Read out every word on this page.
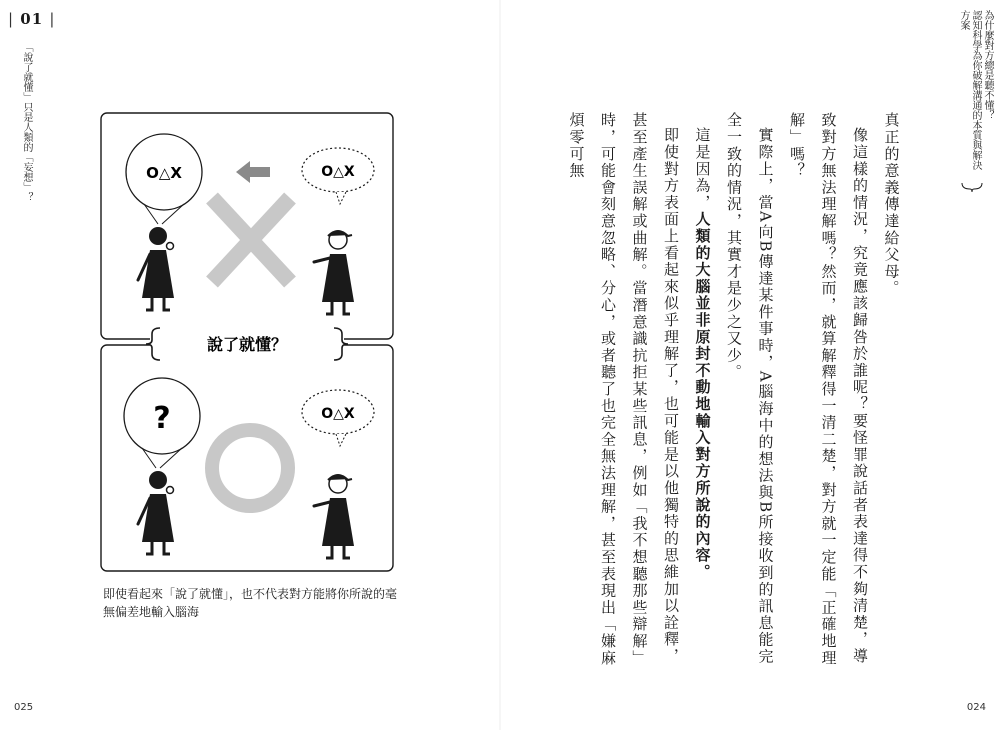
| 01 |
「說了就懂」只是人類的「妄想」？
說了就懂？
O△X	O△X
?	O△X
即使看起來「說了就懂」，也不代表對方能將你所說的毫無偏差地輸入腦海
025
為什麼對方總是聽不懂？
認知科學為你破解溝通的本質與解決方案

真正的意義傳達給父母。

像這樣的情況，究竟應該歸咎於誰呢？要怪罪說話者表達得不夠清楚，導致對方無法理解嗎？然而，就算解釋得一清二楚，對方就一定能「正確地理解」嗎？

實際上，當A向B傳達某件事時，A腦海中的想法與B所接收到的訊息能完全一致的情況，其實才是少之又少。

這是因為，人類的大腦並非原封不動地輸入對方所說的內容。

即使對方表面上看起來似乎理解了，也可能是以他獨特的思維加以詮釋，甚至產生誤解或曲解。當潛意識抗拒某些訊息，例如「我不想聽那些辯解」時，可能會刻意忽略、分心，或者聽了也完全無法理解，甚至表現出「嫌麻煩零可無

024
